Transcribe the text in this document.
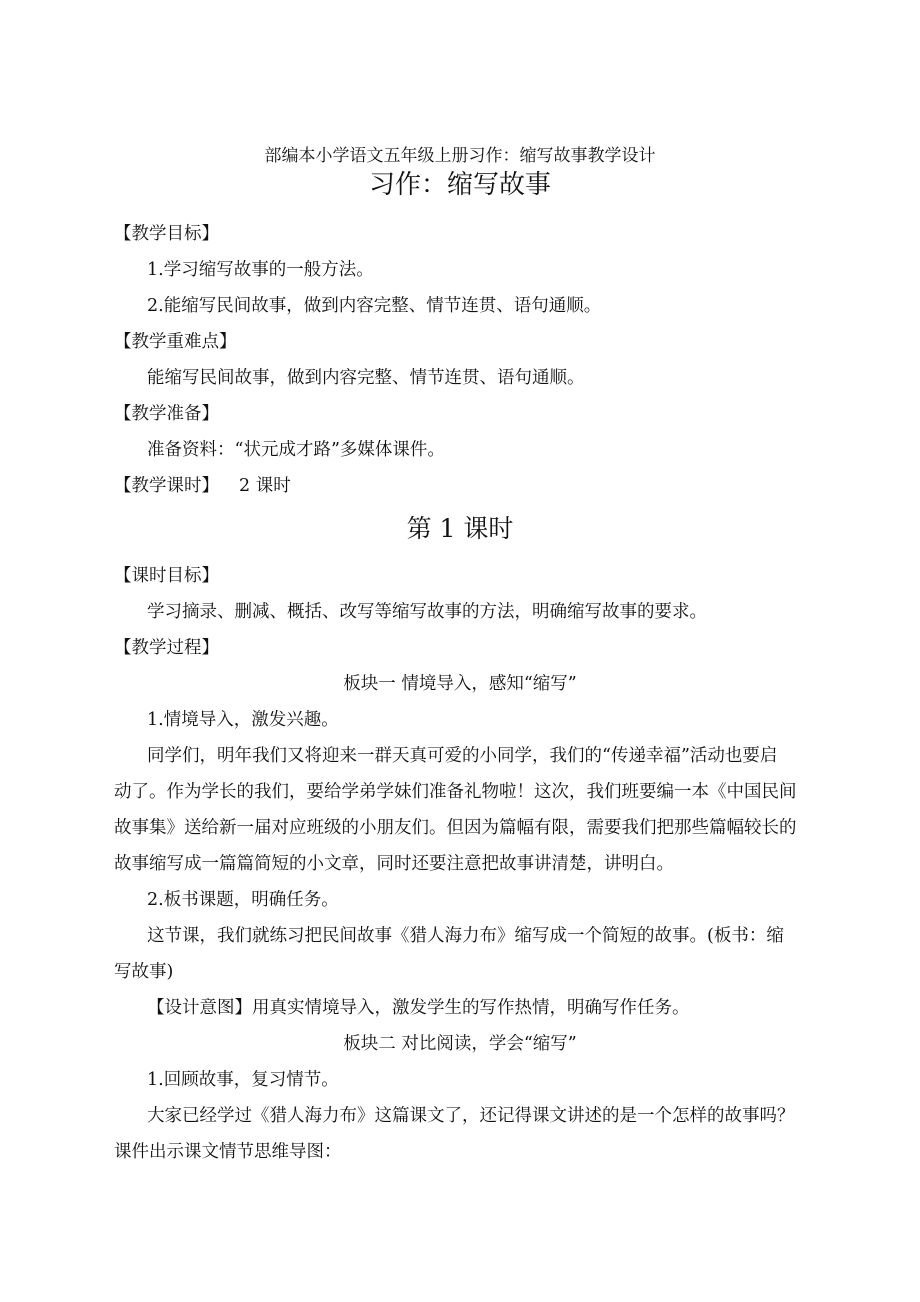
部编本小学语文五年级上册习作：缩写故事教学设计
习作：缩写故事
【教学目标】
1.学习缩写故事的一般方法。
2.能缩写民间故事，做到内容完整、情节连贯、语句通顺。
【教学重难点】
能缩写民间故事，做到内容完整、情节连贯、语句通顺。
【教学准备】
准备资料：“状元成才路”多媒体课件。
【教学课时】 2 课时
第 1 课时
【课时目标】
学习摘录、删减、概括、改写等缩写故事的方法，明确缩写故事的要求。
【教学过程】
板块一 情境导入，感知“缩写”
1.情境导入，激发兴趣。
同学们，明年我们又将迎来一群天真可爱的小同学，我们的“传递幸福”活动也要启
动了。作为学长的我们，要给学弟学妹们准备礼物啦！这次，我们班要编一本《中国民间
故事集》送给新一届对应班级的小朋友们。但因为篇幅有限，需要我们把那些篇幅较长的
故事缩写成一篇篇简短的小文章，同时还要注意把故事讲清楚，讲明白。
2.板书课题，明确任务。
这节课，我们就练习把民间故事《猎人海力布》缩写成一个简短的故事。(板书：缩
写故事)
【设计意图】用真实情境导入，激发学生的写作热情，明确写作任务。
板块二 对比阅读，学会“缩写”
1.回顾故事，复习情节。
大家已经学过《猎人海力布》这篇课文了，还记得课文讲述的是一个怎样的故事吗？
课件出示课文情节思维导图：
